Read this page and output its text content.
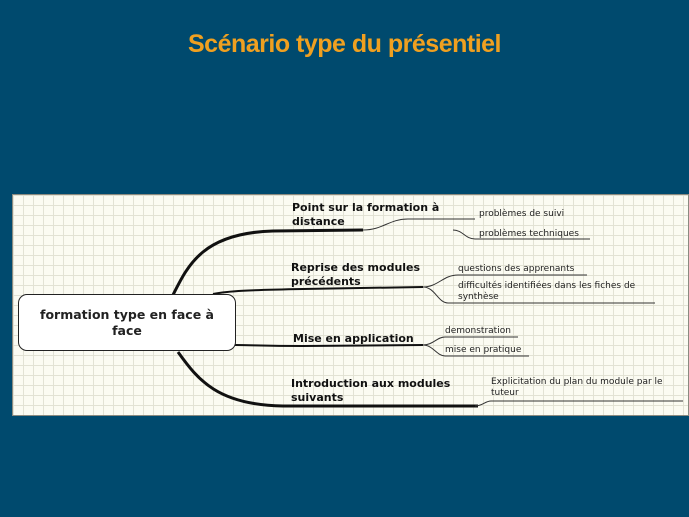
Scénario type du présentiel
formation type en face à face
Point sur la formation à distance
problèmes de suivi
problèmes techniques
Reprise des modules précédents
questions des apprenants
difficultés identifiées dans les fiches de synthèse
Mise en application
demonstration
mise en pratique
Introduction aux modules suivants
Explicitation du plan du module par le tuteur
